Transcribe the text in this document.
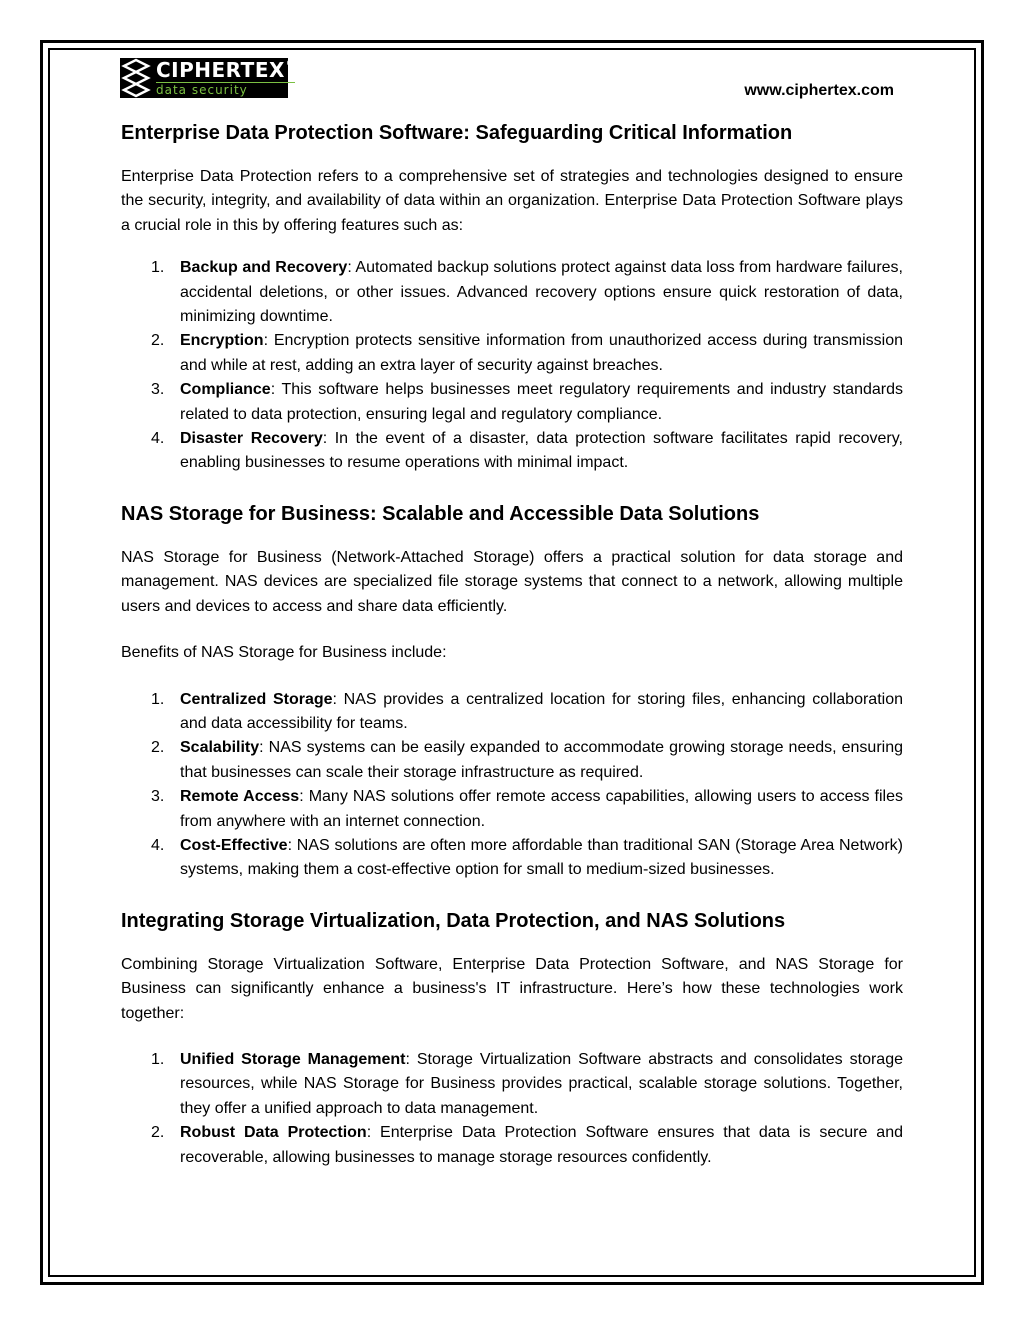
CIPHERTEX®
data security	www.ciphertex.com
Enterprise Data Protection Software: Safeguarding Critical Information

Enterprise Data Protection refers to a comprehensive set of strategies and technologies designed to ensure the security, integrity, and availability of data within an organization. Enterprise Data Protection Software plays a crucial role in this by offering features such as:

1. Backup and Recovery: Automated backup solutions protect against data loss from hardware failures, accidental deletions, or other issues. Advanced recovery options ensure quick restoration of data, minimizing downtime.
2. Encryption: Encryption protects sensitive information from unauthorized access during transmission and while at rest, adding an extra layer of security against breaches.
3. Compliance: This software helps businesses meet regulatory requirements and industry standards related to data protection, ensuring legal and regulatory compliance.
4. Disaster Recovery: In the event of a disaster, data protection software facilitates rapid recovery, enabling businesses to resume operations with minimal impact.
NAS Storage for Business: Scalable and Accessible Data Solutions

NAS Storage for Business (Network-Attached Storage) offers a practical solution for data storage and management. NAS devices are specialized file storage systems that connect to a network, allowing multiple users and devices to access and share data efficiently.

Benefits of NAS Storage for Business include:

1. Centralized Storage: NAS provides a centralized location for storing files, enhancing collaboration and data accessibility for teams.
2. Scalability: NAS systems can be easily expanded to accommodate growing storage needs, ensuring that businesses can scale their storage infrastructure as required.
3. Remote Access: Many NAS solutions offer remote access capabilities, allowing users to access files from anywhere with an internet connection.
4. Cost-Effective: NAS solutions are often more affordable than traditional SAN (Storage Area Network) systems, making them a cost-effective option for small to medium-sized businesses.
Integrating Storage Virtualization, Data Protection, and NAS Solutions

Combining Storage Virtualization Software, Enterprise Data Protection Software, and NAS Storage for Business can significantly enhance a business's IT infrastructure. Here’s how these technologies work together:

1. Unified Storage Management: Storage Virtualization Software abstracts and consolidates storage resources, while NAS Storage for Business provides practical, scalable storage solutions. Together, they offer a unified approach to data management.
2. Robust Data Protection: Enterprise Data Protection Software ensures that data is secure and recoverable, allowing businesses to manage storage resources confidently.
